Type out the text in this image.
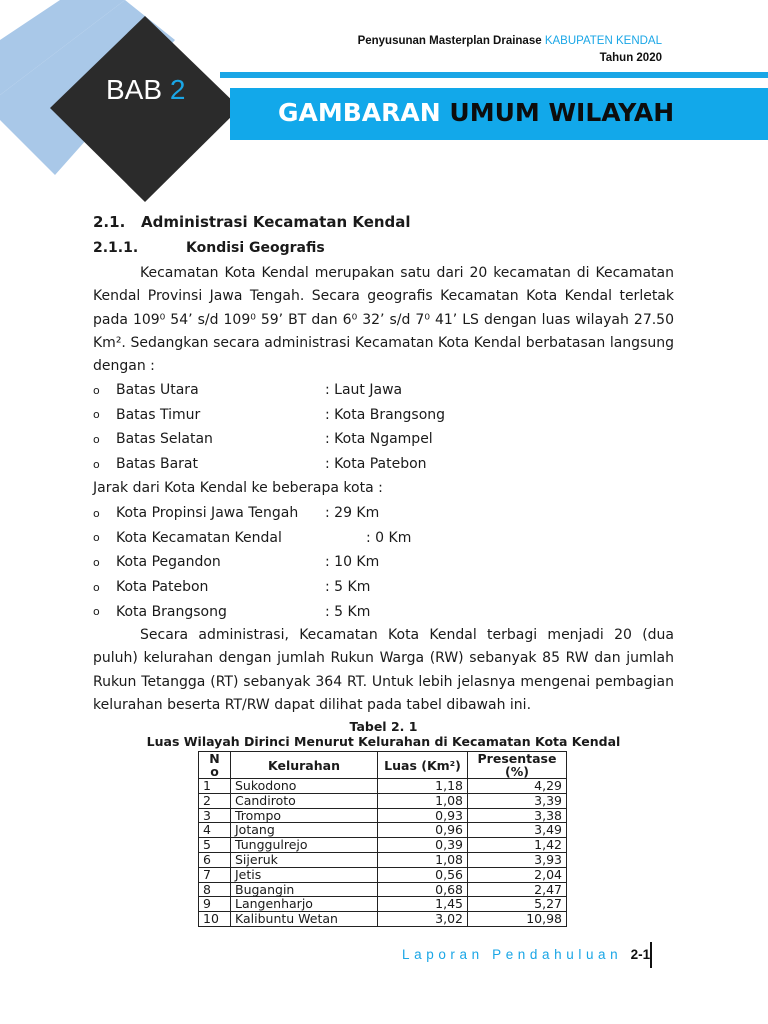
BAB 2
Penyusunan Masterplan Drainase KABUPATEN KENDAL
Tahun 2020
GAMBARAN UMUM WILAYAH
2.1. Administrasi Kecamatan Kendal
2.1.1.	Kondisi Geografis

Kecamatan Kota Kendal merupakan satu dari 20 kecamatan di Kecamatan Kendal Provinsi Jawa Tengah. Secara geografis Kecamatan Kota Kendal terletak pada 109⁰ 54’ s/d 109⁰ 59’ BT dan 6⁰ 32’ s/d 7⁰ 41’ LS dengan luas wilayah 27.50 Km². Sedangkan secara administrasi Kecamatan Kota Kendal berbatasan langsung dengan :

o	Batas Utara	: Laut Jawa
o	Batas Timur	: Kota Brangsong
o	Batas Selatan	: Kota Ngampel
o	Batas Barat	: Kota Patebon
Jarak dari Kota Kendal ke beberapa kota :
o	Kota Propinsi Jawa Tengah	: 29 Km
o	Kota Kecamatan Kendal	: 0 Km
o	Kota Pegandon	: 10 Km
o	Kota Patebon	: 5 Km
o	Kota Brangsong	: 5 Km

Secara administrasi, Kecamatan Kota Kendal terbagi menjadi 20 (dua puluh) kelurahan dengan jumlah Rukun Warga (RW) sebanyak 85 RW dan jumlah Rukun Tetangga (RT) sebanyak 364 RT. Untuk lebih jelasnya mengenai pembagian kelurahan beserta RT/RW dapat dilihat pada tabel dibawah ini.

Tabel 2. 1
Luas Wilayah Dirinci Menurut Kelurahan di Kecamatan Kota Kendal
N o	Kelurahan	Luas (Km²)	Presentase (%)
1	Sukodono	1,18	4,29
2	Candiroto	1,08	3,39
3	Trompo	0,93	3,38
4	Jotang	0,96	3,49
5	Tunggulrejo	0,39	1,42
6	Sijeruk	1,08	3,93
7	Jetis	0,56	2,04
8	Bugangin	0,68	2,47
9	Langenharjo	1,45	5,27
10	Kalibuntu Wetan	3,02	10,98
Laporan Pendahuluan 2-1
